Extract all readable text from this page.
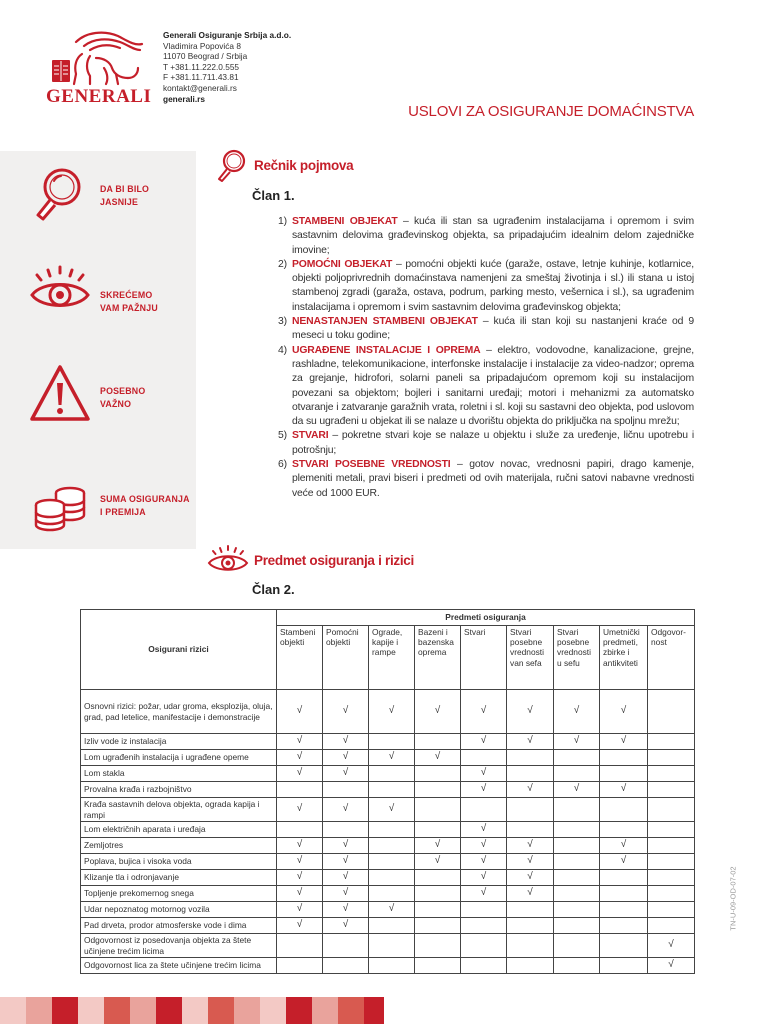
GENERALI
Generali Osiguranje Srbija a.d.o.
Vladimira Popovića 8
11070 Beograd / Srbija
T +381.11.222.0.555
F +381.11.711.43.81
kontakt@generali.rs
generali.rs
USLOVI ZA OSIGURANJE DOMAĆINSTVA
DA BI BILO
JASNIJE
SKREĆEMO
VAM PAŽNJU
POSEBNO
VAŽNO
SUMA OSIGURANJA
I PREMIJA
Rečnik pojmova
Član 1.
1) STAMBENI OBJEKAT – kuća ili stan sa ugrađenim instalacijama i opremom i svim sastavnim delovima građevinskog objekta, sa pripadajućim idealnim delom zajedničke imovine;
2) POMOĆNI OBJEKAT – pomoćni objekti kuće (garaže, ostave, letnje kuhinje, kotlarnice, objekti poljoprivrednih domaćinstava namenjeni za smeštaj životinja i sl.) ili stana u istoj stambenoj zgradi (garaža, ostava, podrum, parking mesto, vešernica i sl.), sa ugrađenim instalacijama i opremom i svim sastavnim delovima građevinskog objekta;
3) NENASTANJEN STAMBENI OBJEKAT – kuća ili stan koji su nastanjeni kraće od 9 meseci u toku godine;
4) UGRAĐENE INSTALACIJE I OPREMA – elektro, vodovodne, kanalizacione, grejne, rashladne, telekomunikacione, interfonske instalacije i instalacije za video-nadzor; oprema za grejanje, hidrofori, solarni paneli sa pripadajućom opremom koji su instalacijom povezani sa objektom; bojleri i sanitarni uređaji; motori i mehanizmi za automatsko otvaranje i zatvaranje garažnih vrata, roletni i sl. koji su sastavni deo objekta, pod uslovom da su ugrađeni u objekat ili se nalaze u dvorištu objekta do priključka na spoljnu mrežu;
5) STVARI – pokretne stvari koje se nalaze u objektu i služe za uređenje, ličnu upotrebu i potrošnju;
6) STVARI POSEBNE VREDNOSTI – gotov novac, vrednosni papiri, drago kamenje, plemeniti metali, pravi biseri i predmeti od ovih materijala, ručni satovi nabavne vrednosti veće od 1000 EUR.
Predmet osiguranja i rizici
Član 2.
Osigurani rizici	Predmeti osiguranja								
	Stambeni objekti	Pomoćni objekti	Ograde, kapije i rampe	Bazeni i bazenska oprema	Stvari	Stvari posebne vrednosti van sefa	Stvari posebne vrednosti u sefu	Umetnički predmeti, zbirke i antikviteti	Odgovor-nost
Osnovni rizici: požar, udar groma, eksplozija, oluja, grad, pad letelice, manifestacije i demonstracije	√	√	√	√	√	√	√	√	
Izliv vode iz instalacija	√	√			√	√	√	√	
Lom ugrađenih instalacija i ugrađene opeme	√	√	√	√					
Lom stakla	√	√			√				
Provalna krađa i razbojništvo					√	√	√	√	
Krađa sastavnih delova objekta, ograda kapija i rampi	√	√	√						
Lom električnih aparata i uređaja					√				
Zemljotres	√	√		√	√	√		√	
Poplava, bujica i visoka voda	√	√		√	√	√		√	
Klizanje tla i odronjavanje	√	√			√	√			
Topljenje prekomernog snega	√	√			√	√			
Udar nepoznatog motornog vozila	√	√	√						
Pad drveta, prodor atmosferske vode i dima	√	√							
Odgovornost iz posedovanja objekta za štete učinjene trećim licima									√
Odgovornost lica za štete učinjene trećim licima									√
TN-U-09-OD-07-02
